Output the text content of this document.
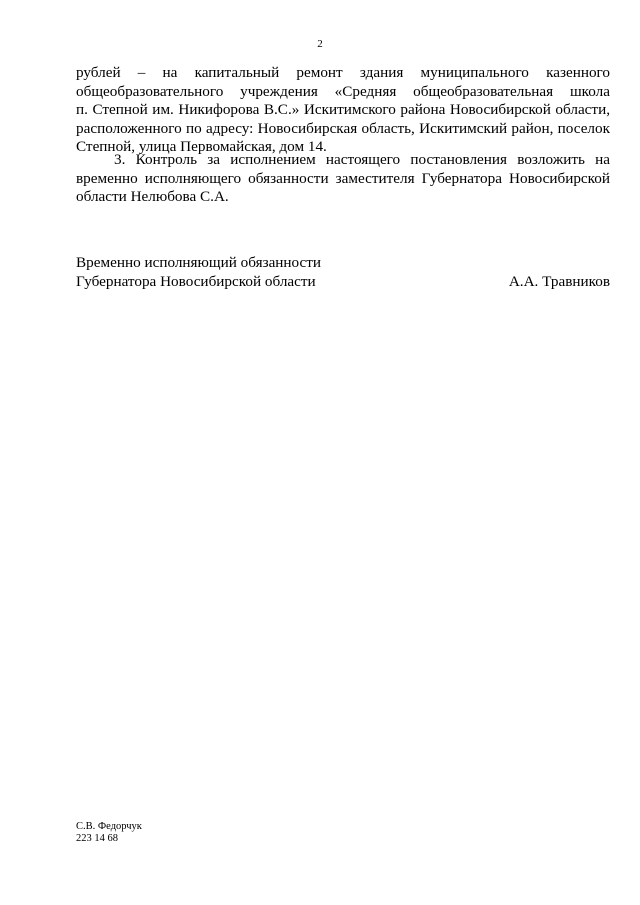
2
рублей – на капитальный ремонт здания муниципального казенного
общеобразовательного учреждения «Средняя общеобразовательная школа
п. Степной им. Никифорова В.С.» Искитимского района Новосибирской области,
расположенного по адресу: Новосибирская область, Искитимский район, поселок
Степной, улица Первомайская, дом 14.
3. Контроль за исполнением настоящего постановления возложить на
временно исполняющего обязанности заместителя Губернатора Новосибирской
области Нелюбова С.А.
Временно исполняющий обязанности
Губернатора Новосибирской области	А.А. Травников
С.В. Федорчук
223 14 68
